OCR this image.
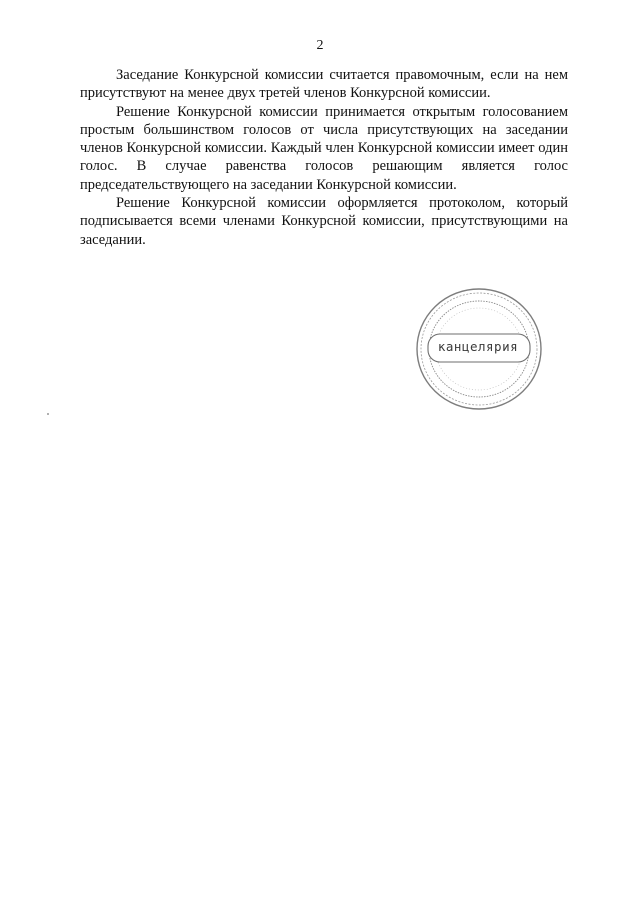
2

Заседание Конкурсной комиссии считается правомочным, если на нем присутствуют на менее двух третей членов Конкурсной комиссии.

Решение Конкурсной комиссии принимается открытым голосованием простым большинством голосов от числа присутствующих на заседании членов Конкурсной комиссии. Каждый член Конкурсной комиссии имеет один голос. В случае равенства голосов решающим является голос председательствующего на заседании Конкурсной комиссии.

Решение Конкурсной комиссии оформляется протоколом, который подписывается всеми членами Конкурсной комиссии, присутствующими на заседании.

канцелярия
